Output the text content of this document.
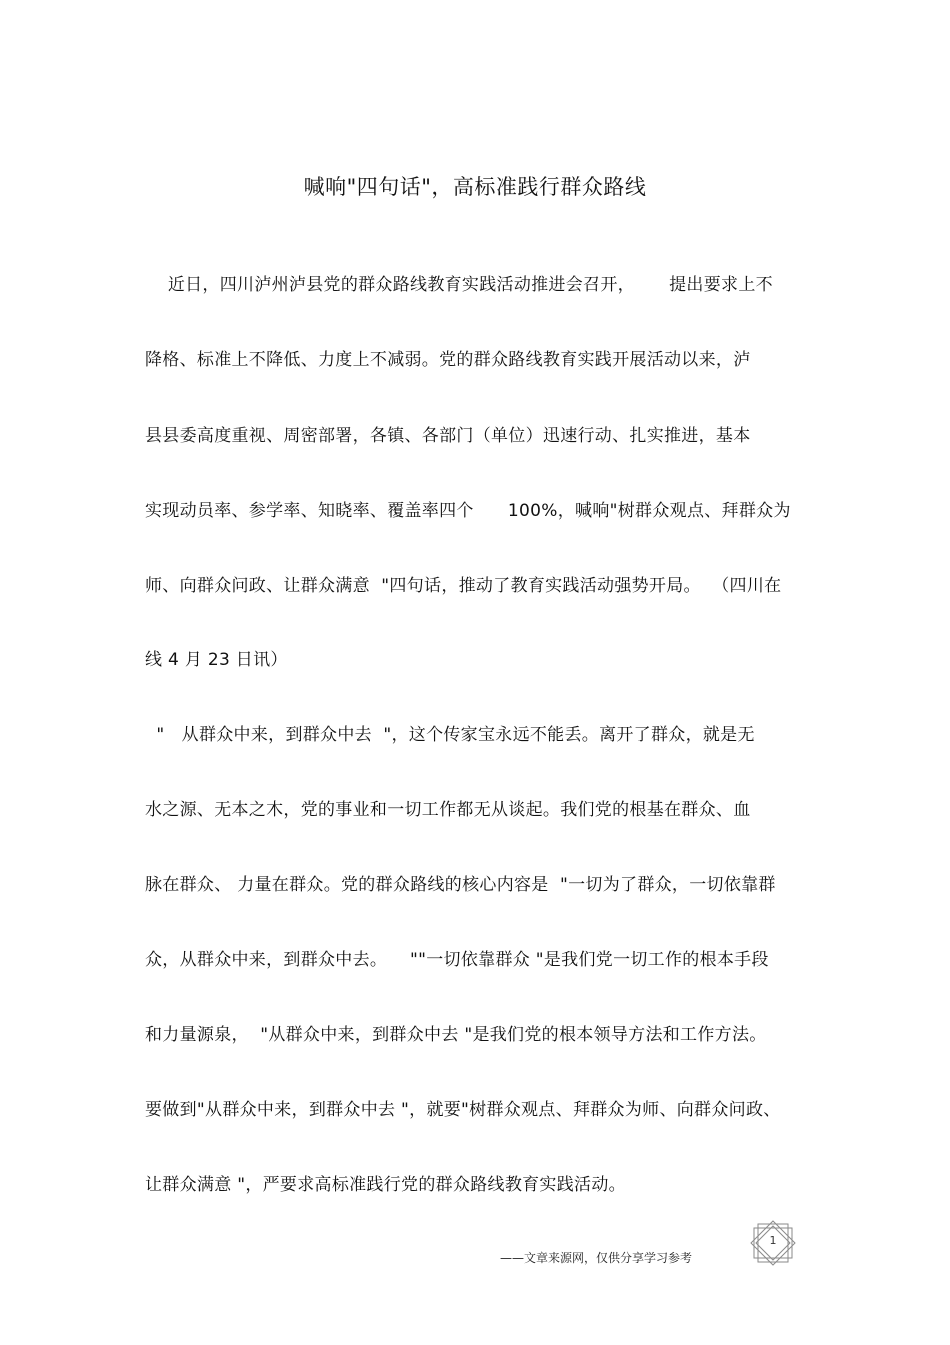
喊响"四句话"，高标准践行群众路线
近日，四川泸州泸县党的群众路线教育实践活动推进会召开，      提出要求上不
降格、标准上不降低、力度上不减弱。党的群众路线教育实践开展活动以来，泸
县县委高度重视、周密部署，各镇、各部门（单位）迅速行动、扎实推进，基本
实现动员率、参学率、知晓率、覆盖率四个      100%，喊响"树群众观点、拜群众为
师、向群众问政、让群众满意  "四句话，推动了教育实践活动强势开局。  （四川在
线 4 月 23 日讯）
"   从群众中来，到群众中去  "，这个传家宝永远不能丢。离开了群众，就是无
水之源、无本之木，党的事业和一切工作都无从谈起。我们党的根基在群众、血
脉在群众、 力量在群众。党的群众路线的核心内容是  "一切为了群众，一切依靠群
众，从群众中来，到群众中去。    ""一切依靠群众 "是我们党一切工作的根本手段
和力量源泉，  "从群众中来，到群众中去 "是我们党的根本领导方法和工作方法。
要做到"从群众中来，到群众中去 "，就要"树群众观点、拜群众为师、向群众问政、
让群众满意 "，严要求高标准践行党的群众路线教育实践活动。
——文章来源网，仅供分享学习参考
1
